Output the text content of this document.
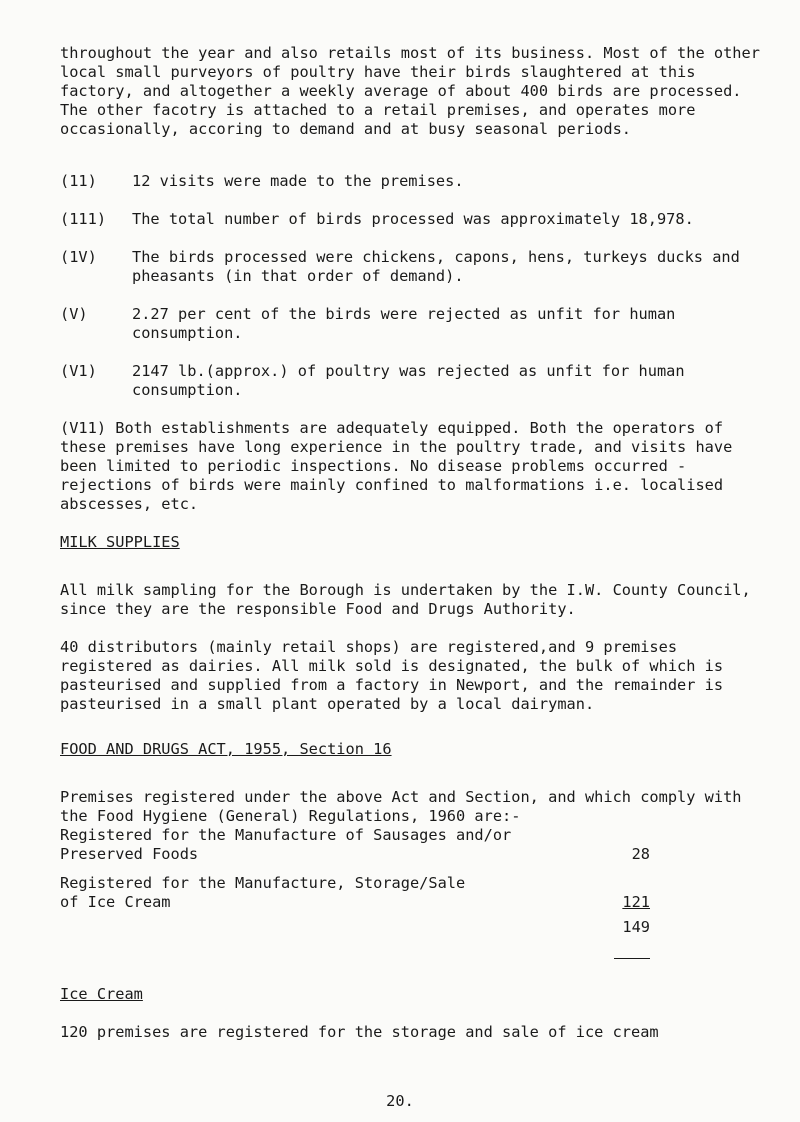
throughout the year and also retails most of its business. Most of the other local small purveyors of poultry have their birds slaughtered at this factory, and altogether a weekly average of about 400 birds are processed. The other facotry is attached to a retail premises, and operates more occasionally, accoring to demand and at busy seasonal periods.

(11)	12 visits were made to the premises.
(111)	The total number of birds processed was approximately 18,978.
(1V)	The birds processed were chickens, capons, hens, turkeys ducks and pheasants (in that order of demand).
(V)	2.27 per cent of the birds were rejected as unfit for human consumption.
(V1)	2147 lb.(approx.) of poultry was rejected as unfit for human consumption.

(V11) Both establishments are adequately equipped. Both the operators of these premises have long experience in the poultry trade, and visits have been limited to periodic inspections. No disease problems occurred - rejections of birds were mainly confined to malformations i.e. localised abscesses, etc.

MILK SUPPLIES

All milk sampling for the Borough is undertaken by the I.W. County Council, since they are the responsible Food and Drugs Authority.

40 distributors (mainly retail shops) are registered,and 9 premises registered as dairies. All milk sold is designated, the bulk of which is pasteurised and supplied from a factory in Newport, and the remainder is pasteurised in a small plant operated by a local dairyman.

FOOD AND DRUGS ACT, 1955, Section 16

Premises registered under the above Act and Section, and which comply with the Food Hygiene (General) Regulations, 1960 are:-

Registered for the Manufacture of Sausages and/or
Preserved Foods	28
Registered for the Manufacture, Storage/Sale
of Ice Cream	121
149

Ice Cream

120 premises are registered for the storage and sale of ice cream

20.
